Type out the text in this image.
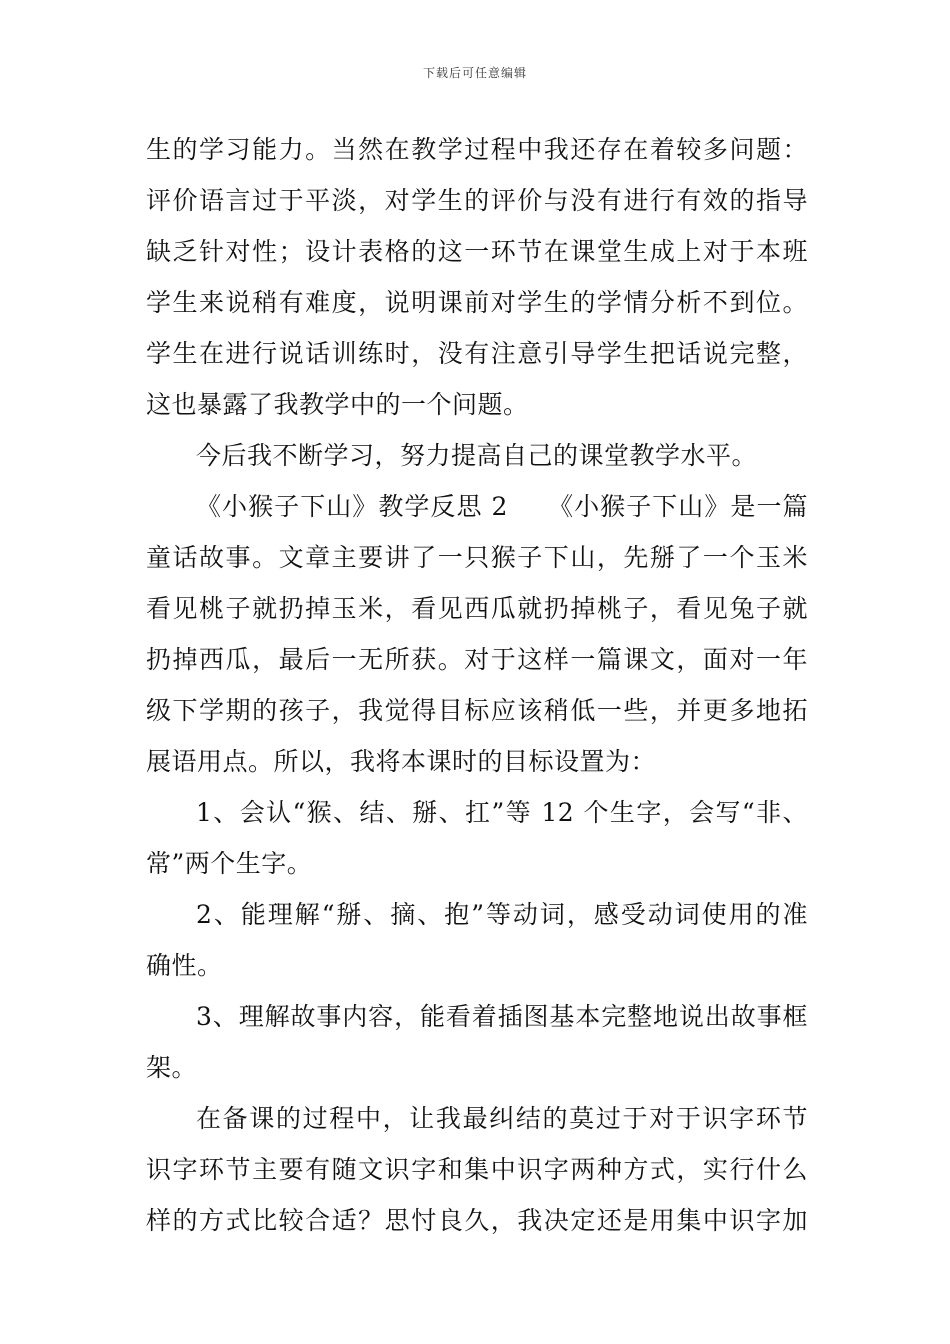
下载后可任意编辑
生的学习能力。当然在教学过程中我还存在着较多问题：
评价语言过于平淡，对学生的评价与没有进行有效的指导
缺乏针对性；设计表格的这一环节在课堂生成上对于本班
学生来说稍有难度，说明课前对学生的学情分析不到位。
学生在进行说话训练时，没有注意引导学生把话说完整，
这也暴露了我教学中的一个问题。
今后我不断学习，努力提高自己的课堂教学水平。
《小猴子下山》教学反思 2　　《小猴子下山》是一篇
童话故事。文章主要讲了一只猴子下山，先掰了一个玉米
看见桃子就扔掉玉米，看见西瓜就扔掉桃子，看见兔子就
扔掉西瓜，最后一无所获。对于这样一篇课文，面对一年
级下学期的孩子，我觉得目标应该稍低一些，并更多地拓
展语用点。所以，我将本课时的目标设置为：
1、会认“猴、结、掰、扛”等 12 个生字，会写“非、
常”两个生字。
2、能理解“掰、摘、抱”等动词，感受动词使用的准
确性。
3、理解故事内容，能看着插图基本完整地说出故事框
架。
在备课的过程中，让我最纠结的莫过于对于识字环节
识字环节主要有随文识字和集中识字两种方式，实行什么
样的方式比较合适？思忖良久，我决定还是用集中识字加
